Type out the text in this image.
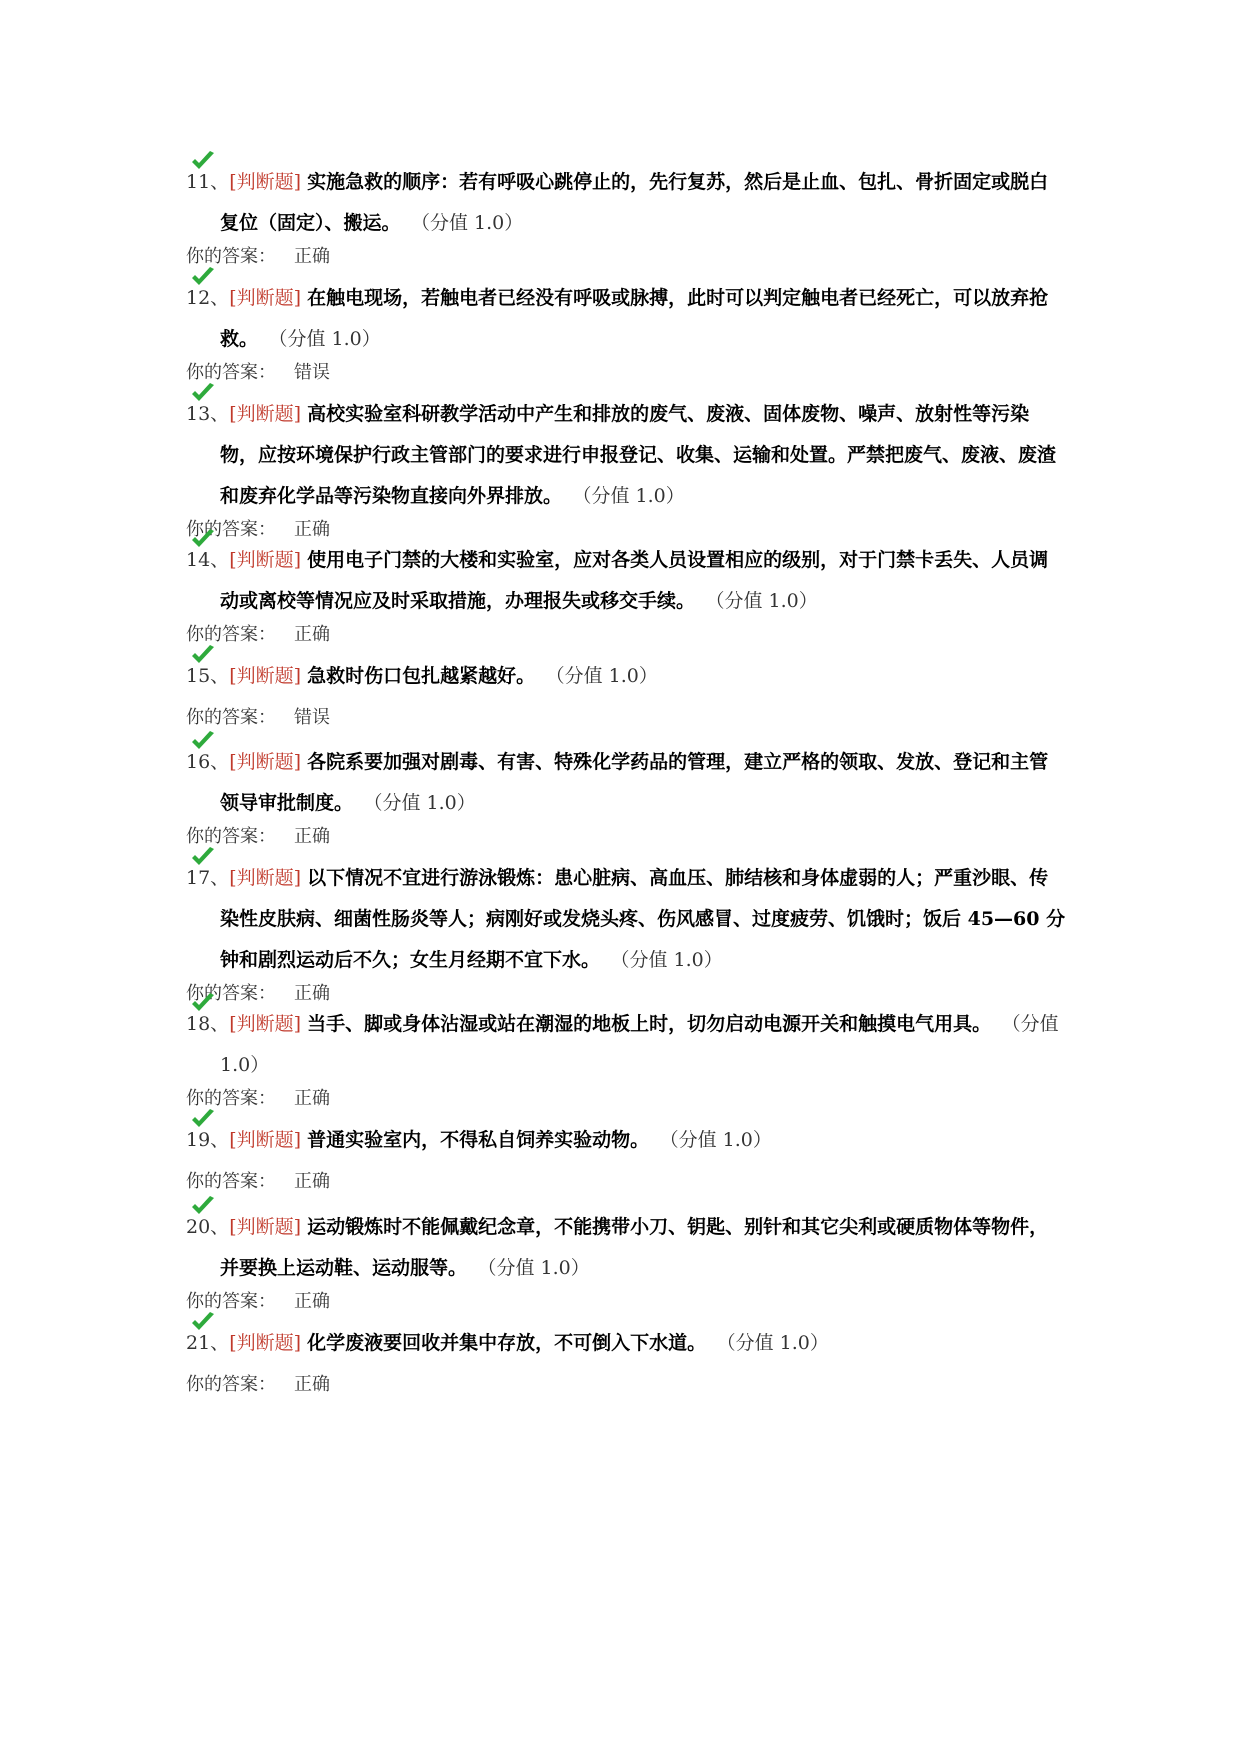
11、[判断题] 实施急救的顺序：若有呼吸心跳停止的，先行复苏，然后是止血、包扎、骨折固定或脱白复位（固定）、搬运。 （分值 1.0）

你的答案： 正确

12、[判断题] 在触电现场，若触电者已经没有呼吸或脉搏，此时可以判定触电者已经死亡，可以放弃抢救。 （分值 1.0）

你的答案： 错误

13、[判断题] 高校实验室科研教学活动中产生和排放的废气、废液、固体废物、噪声、放射性等污染物，应按环境保护行政主管部门的要求进行申报登记、收集、运输和处置。严禁把废气、废液、废渣和废弃化学品等污染物直接向外界排放。 （分值 1.0）

你的答案： 正确

14、[判断题] 使用电子门禁的大楼和实验室，应对各类人员设置相应的级别，对于门禁卡丢失、人员调动或离校等情况应及时采取措施，办理报失或移交手续。 （分值 1.0）

你的答案： 正确

15、[判断题] 急救时伤口包扎越紧越好。 （分值 1.0）

你的答案： 错误

16、[判断题] 各院系要加强对剧毒、有害、特殊化学药品的管理，建立严格的领取、发放、登记和主管领导审批制度。 （分值 1.0）

你的答案： 正确

17、[判断题] 以下情况不宜进行游泳锻炼：患心脏病、高血压、肺结核和身体虚弱的人；严重沙眼、传染性皮肤病、细菌性肠炎等人；病刚好或发烧头疼、伤风感冒、过度疲劳、饥饿时；饭后 45—60 分钟和剧烈运动后不久；女生月经期不宜下水。 （分值 1.0）

你的答案： 正确

18、[判断题] 当手、脚或身体沾湿或站在潮湿的地板上时，切勿启动电源开关和触摸电气用具。 （分值 1.0）

你的答案： 正确

19、[判断题] 普通实验室内，不得私自饲养实验动物。 （分值 1.0）

你的答案： 正确

20、[判断题] 运动锻炼时不能佩戴纪念章，不能携带小刀、钥匙、别针和其它尖利或硬质物体等物件，并要换上运动鞋、运动服等。 （分值 1.0）

你的答案： 正确

21、[判断题] 化学废液要回收并集中存放，不可倒入下水道。 （分值 1.0）

你的答案： 正确
